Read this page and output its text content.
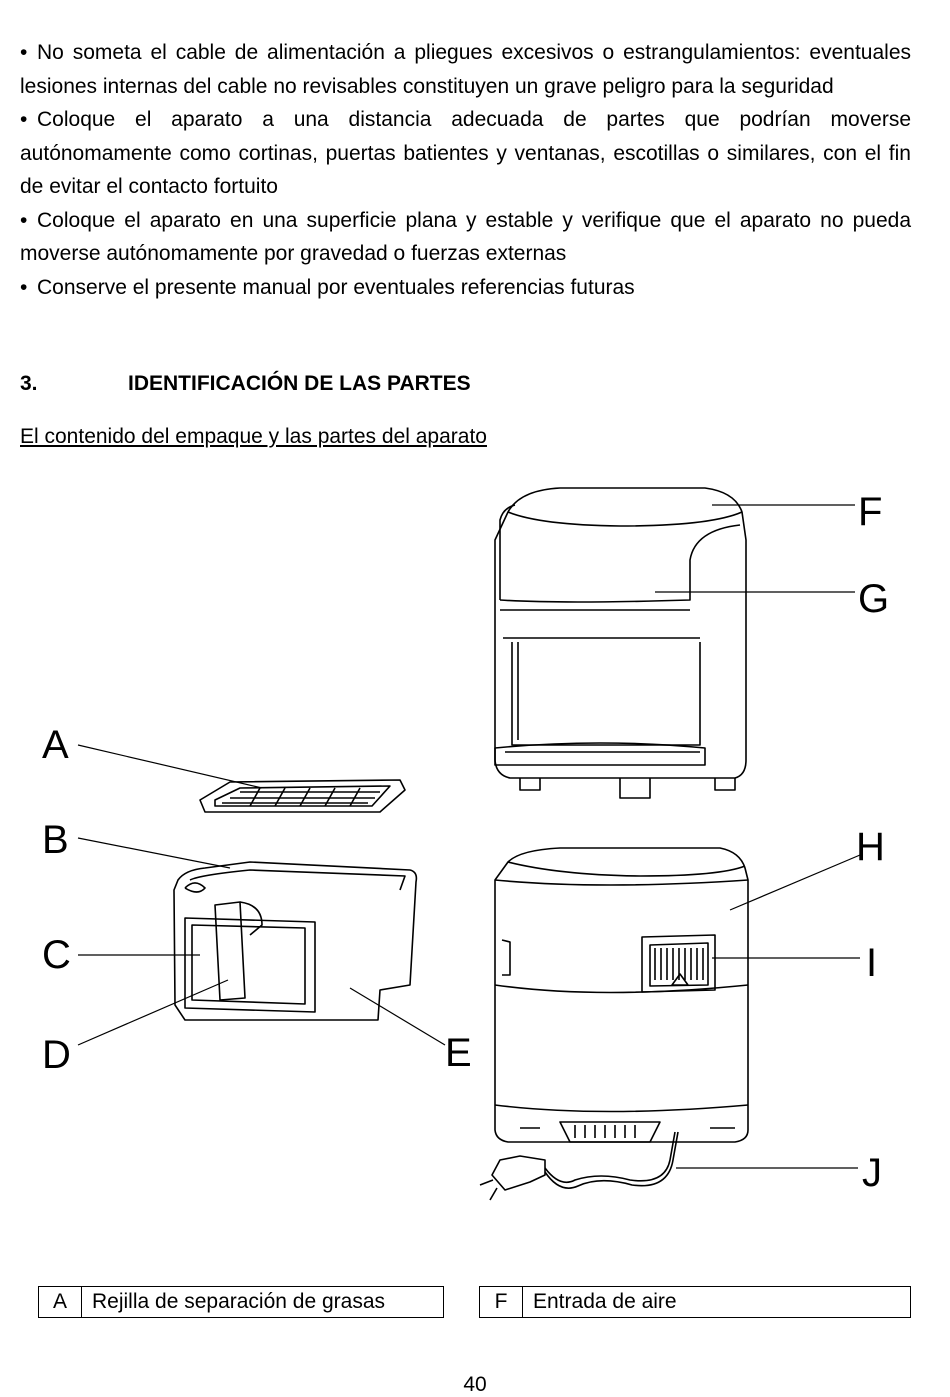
• No someta el cable de alimentación a pliegues excesivos o estrangulamientos: eventuales lesiones internas del cable no revisables constituyen un grave peligro para la seguridad
• Coloque el aparato a una distancia adecuada de partes que podrían moverse autónomamente como cortinas, puertas batientes y ventanas, escotillas o similares, con el fin de evitar el contacto fortuito
• Coloque el aparato en una superficie plana y estable y verifique que el aparato no pueda moverse autónomamente por gravedad o fuerzas externas
• Conserve el presente manual por eventuales referencias futuras
3.	IDENTIFICACIÓN DE LAS PARTES
El contenido del empaque y las partes del aparato
F
G
A
B
C
D	E
H
I
J
A	Rejilla de separación de grasas	F	Entrada de aire
40
